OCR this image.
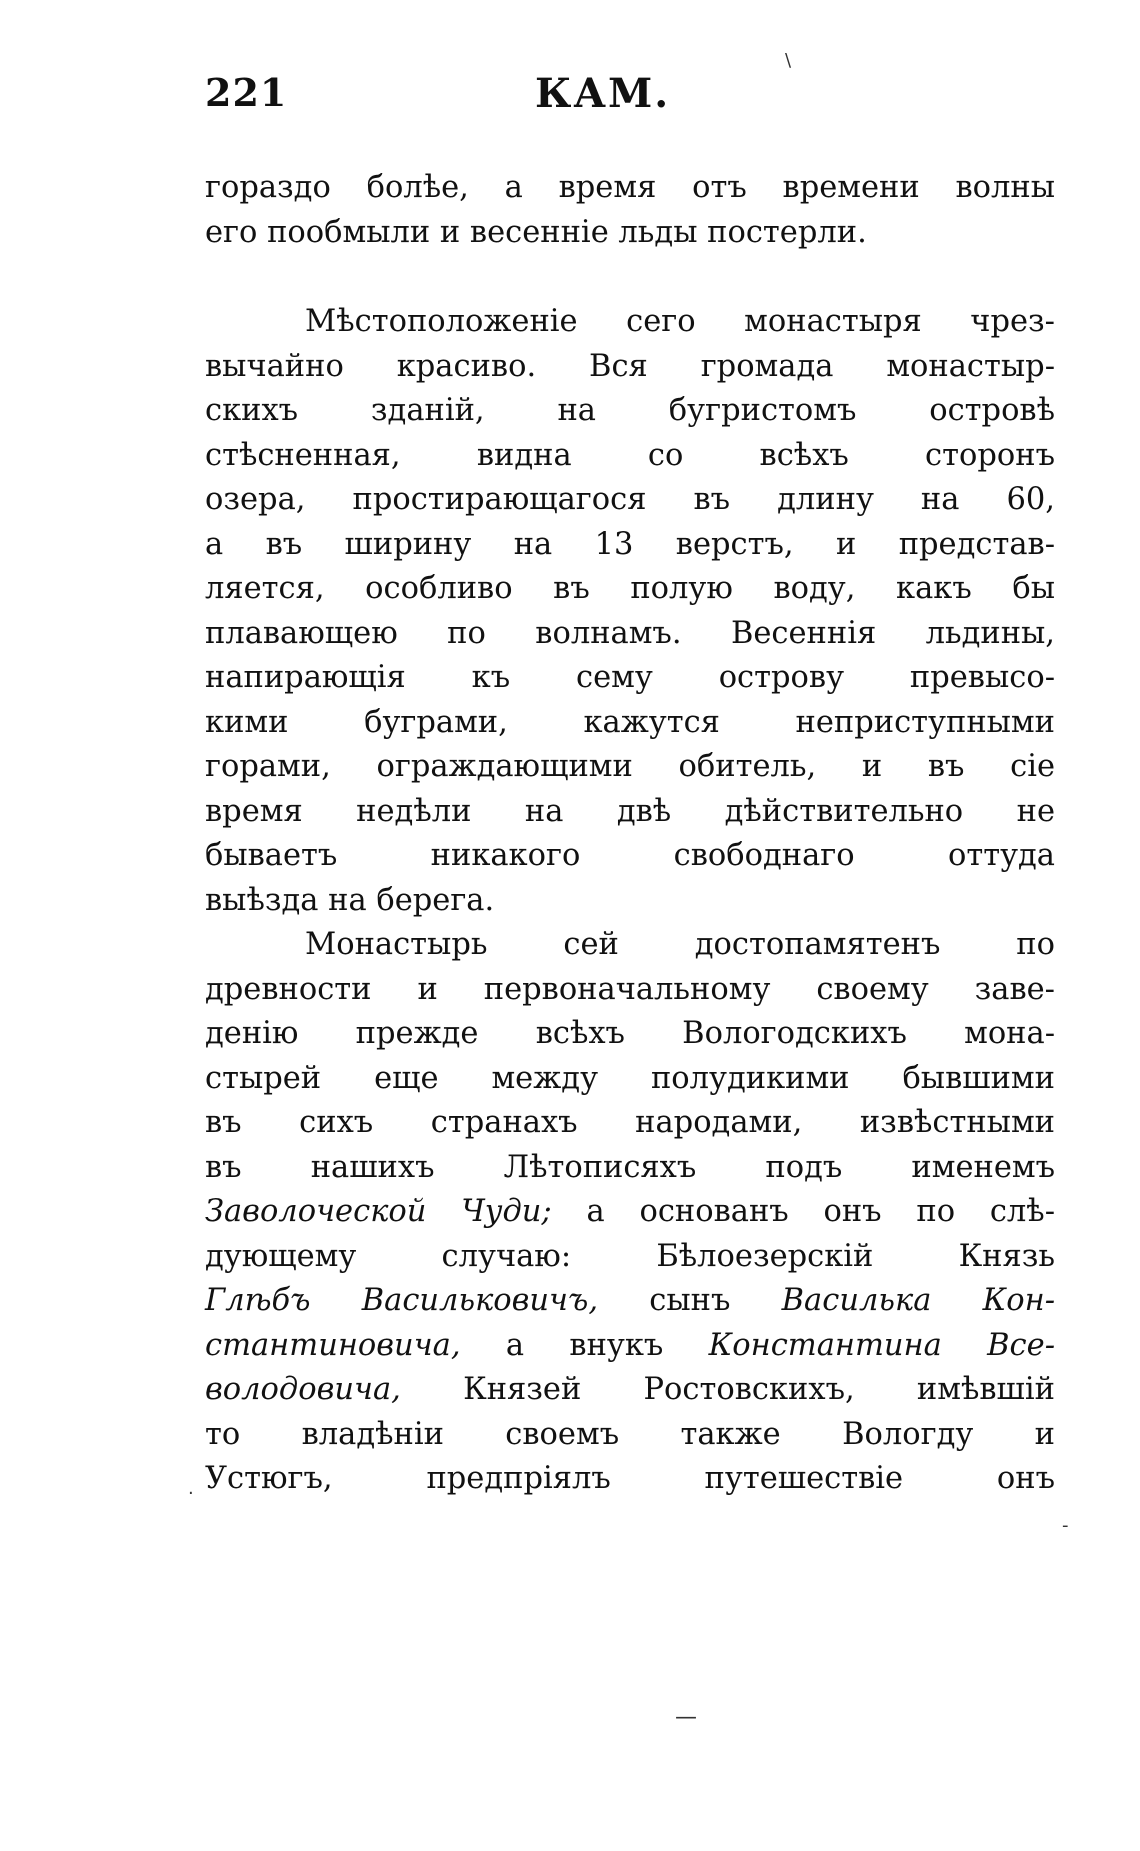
221	КАМ.
\
гораздо болѣе, а время отъ времени волны
его пообмыли и весенніе льды постерли.
Мѣстоположеніе сего монастыря чрез-
вычайно красиво. Вся громада монастыр-
скихъ зданій, на бугристомъ островѣ
стѣсненная, видна со всѣхъ сторонъ
озера, простирающагося въ длину на 60,
а въ ширину на 13 верстъ, и представ-
ляется, особливо въ полую воду, какъ бы
плавающею по волнамъ. Весеннія льдины,
напирающія къ сему острову превысо-
кими буграми, кажутся неприступными
горами, ограждающими обитель, и въ сіе
время недѣли на двѣ дѣйствительно не
бываетъ никакого свободнаго оттуда
выѣзда на берега.
Монастырь сей достопамятенъ по
древности и первоначальному своему заве-
денію прежде всѣхъ Вологодскихъ мона-
стырей еще между полудикими бывшими
въ сихъ странахъ народами, извѣстными
въ нашихъ Лѣтописяхъ подъ именемъ
Заволоческой Чуди; а основанъ онъ по слѣ-
дующему случаю: Бѣлоезерскій Князь
Глѣбъ Васильковичъ, сынъ Василька Кон-
стантиновича, а внукъ Константина Все-
володовича, Князей Ростовскихъ, имѣвшій
то владѣніи своемъ также Вологду и
Устюгъ, предпріялъ путешествіе онъ
·
-
—
